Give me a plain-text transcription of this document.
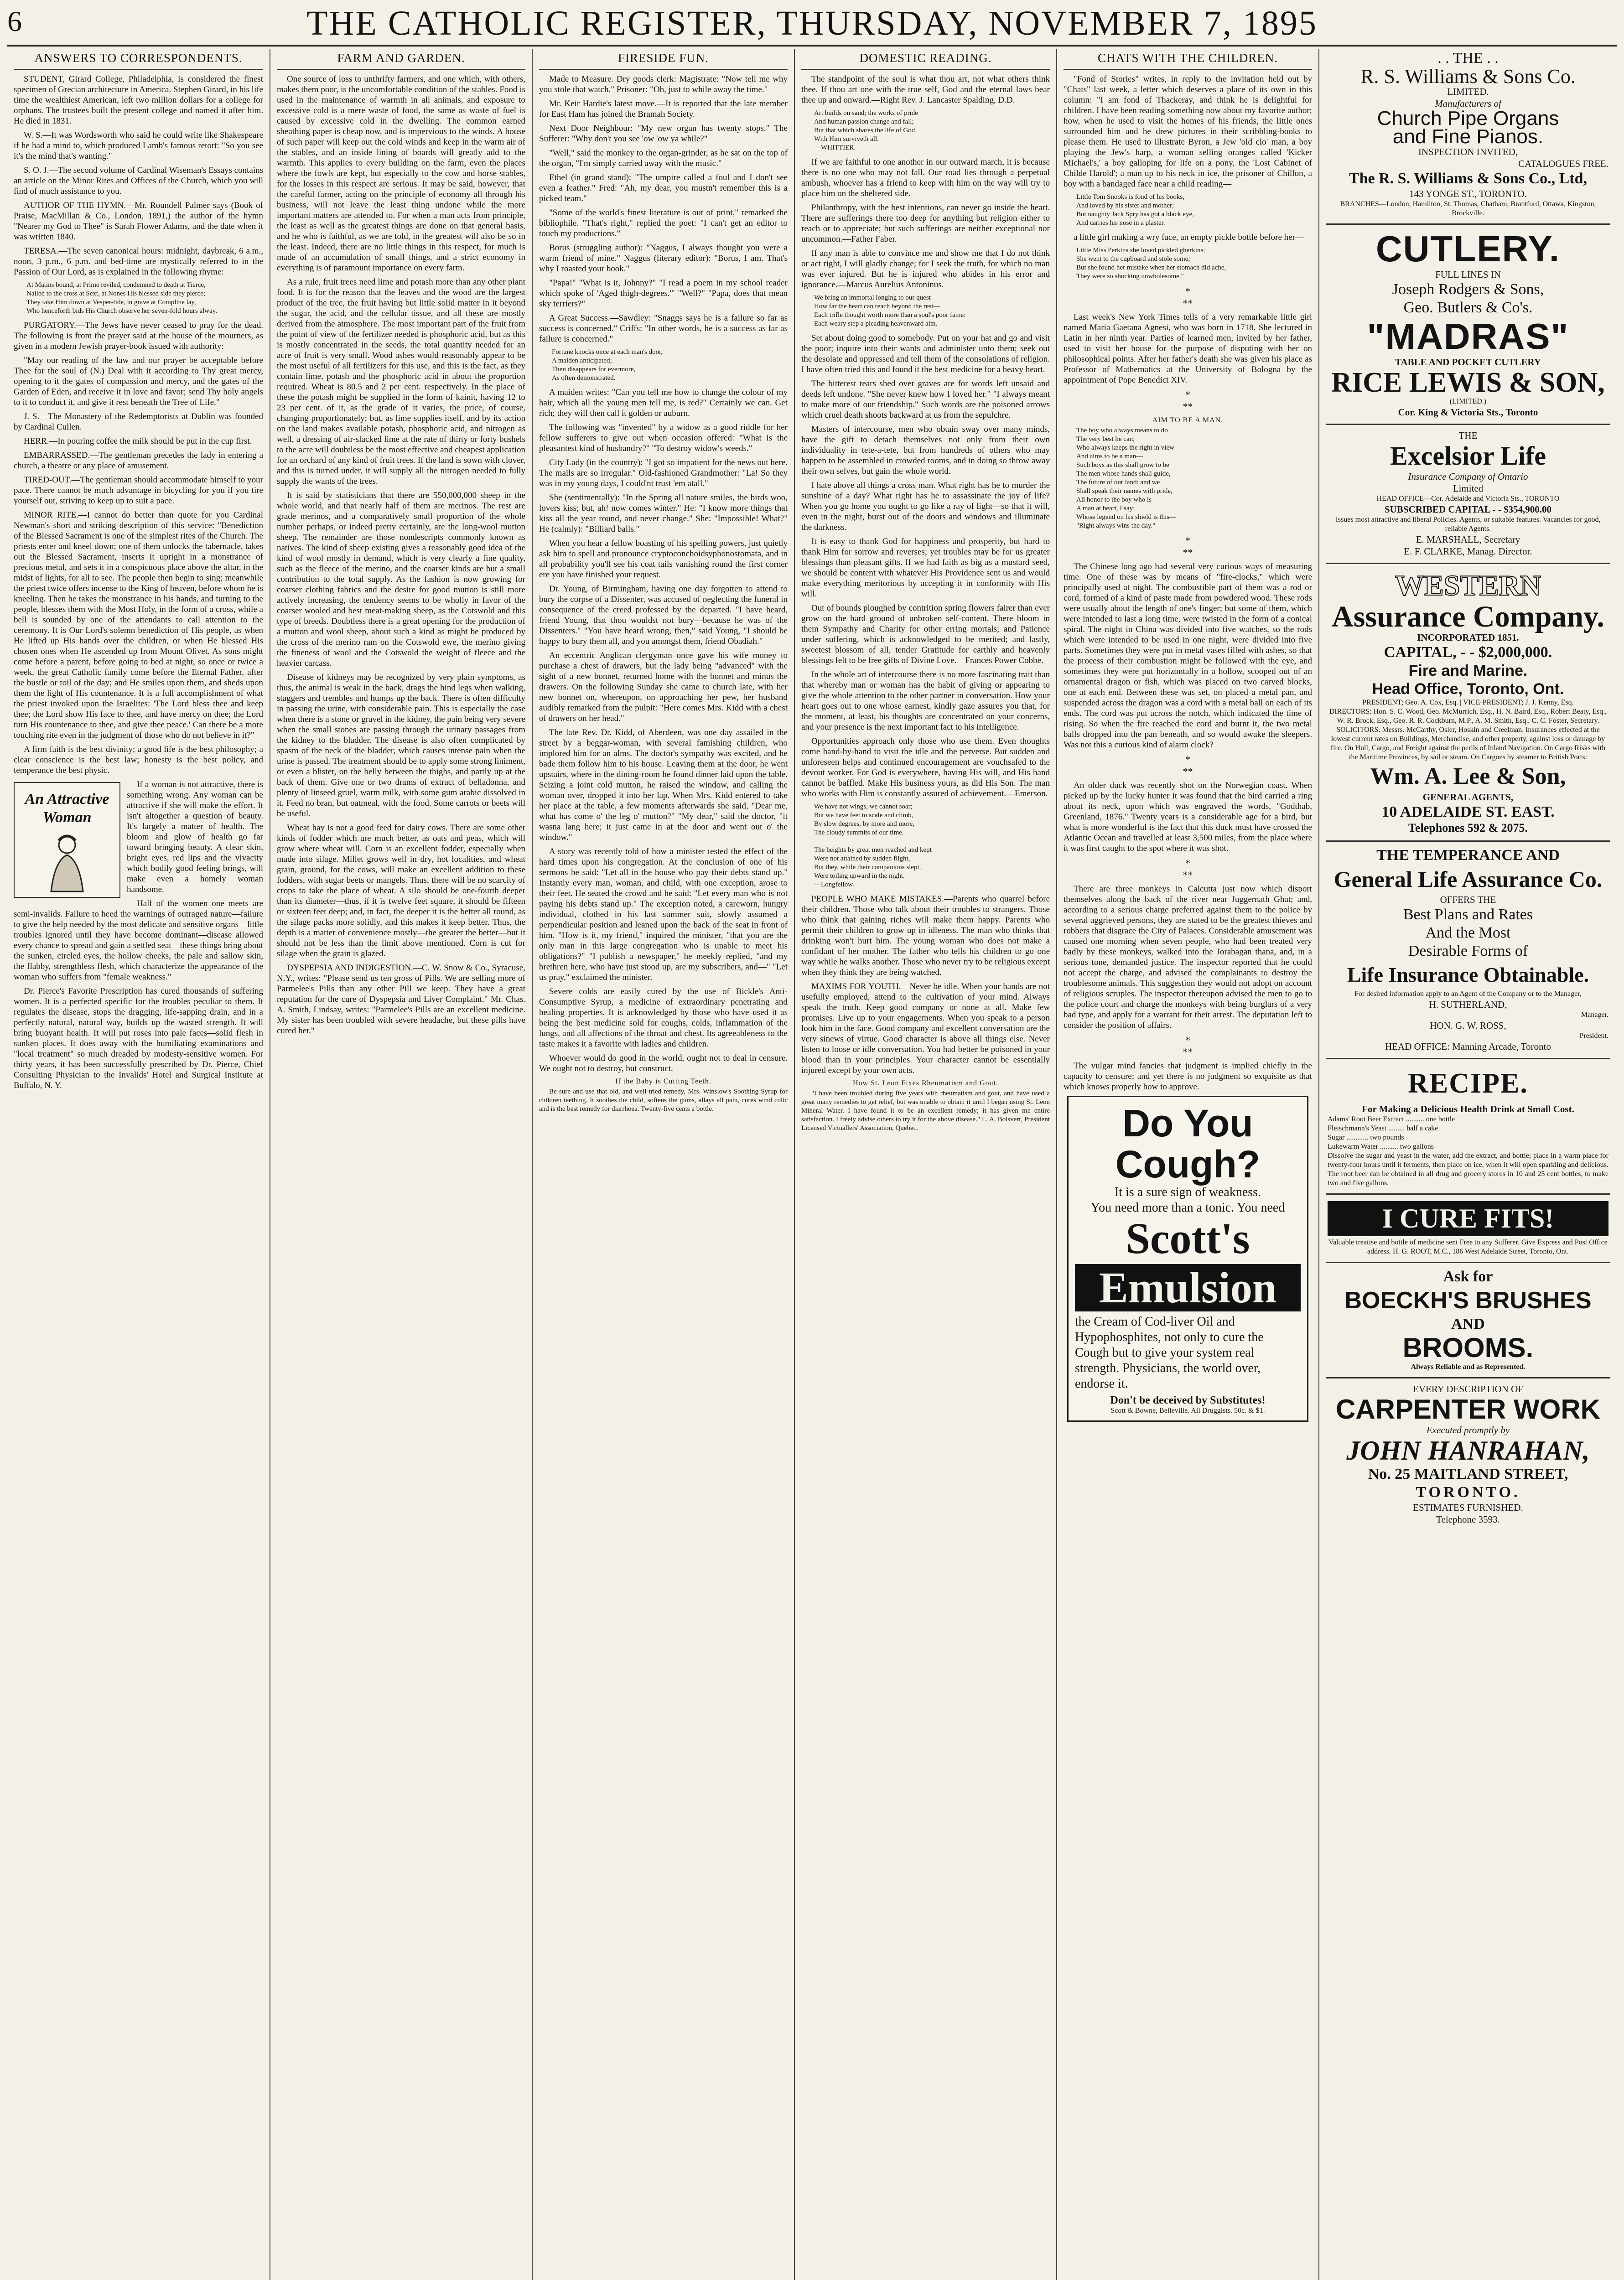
6	THE CATHOLIC REGISTER, THURSDAY, NOVEMBER 7, 1895
ANSWERS TO CORRESPONDENTS.

STUDENT, Girard College, Philadelphia, is considered the finest specimen of Grecian architecture in America. Stephen Girard, in his life time the wealthiest American, left two million dollars for a college for orphans. The trustees built the present college and named it after him. He died in 1831.

W. S.—It was Wordsworth who said he could write like Shakespeare if he had a mind to, which produced Lamb's famous retort: "So you see it's the mind that's wanting."

S. O. J.—The second volume of Cardinal Wiseman's Essays contains an article on the Minor Rites and Offices of the Church, which you will find of much assistance to you.

AUTHOR OF THE HYMN.—Mr. Roundell Palmer says (Book of Praise, MacMillan & Co., London, 1891,) the author of the hymn "Nearer my God to Thee" is Sarah Flower Adams, and the date when it was written 1840.

TERESA.—The seven canonical hours: midnight, daybreak, 6 a.m., noon, 3 p.m., 6 p.m. and bed-time are mystically referred to in the Passion of Our Lord, as is explained in the following rhyme:

At Matins bound, at Prime reviled, condemned to death at Tierce,
Nailed to the cross at Sext, at Nones His blessed side they pierce;
They take Him down at Vesper-tide, in grave at Compline lay,
Who henceforth bids His Church observe her seven-fold hours alway.

PURGATORY.—The Jews have never ceased to pray for the dead. The following is from the prayer said at the house of the mourners, as given in a modern Jewish prayer-book issued with authority:

"May our reading of the law and our prayer be acceptable before Thee for the soul of (N.) Deal with it according to Thy great mercy, opening to it the gates of compassion and mercy, and the gates of the Garden of Eden, and receive it in love and favor; send Thy holy angels to it to conduct it, and give it rest beneath the Tree of Life."

J. S.—The Monastery of the Redemptorists at Dublin was founded by Cardinal Cullen.

HERR.—In pouring coffee the milk should be put in the cup first.

EMBARRASSED.—The gentleman precedes the lady in entering a church, a theatre or any place of amusement.

TIRED-OUT.—The gentleman should accommodate himself to your pace. There cannot be much advantage in bicycling for you if you tire yourself out, striving to keep up to suit a pace.

MINOR RITE.—I cannot do better than quote for you Cardinal Newman's short and striking description of this service: "Benediction of the Blessed Sacrament is one of the simplest rites of the Church. The priests enter and kneel down; one of them unlocks the tabernacle, takes out the Blessed Sacrament, inserts it upright in a monstrance of precious metal, and sets it in a conspicuous place above the altar, in the midst of lights, for all to see. The people then begin to sing; meanwhile the priest twice offers incense to the King of heaven, before whom he is kneeling. Then he takes the monstrance in his hands, and turning to the people, blesses them with the Most Holy, in the form of a cross, while a bell is sounded by one of the attendants to call attention to the ceremony. It is Our Lord's solemn benediction of His people, as when He lifted up His hands over the children, or when He blessed His chosen ones when He ascended up from Mount Olivet. As sons might come before a parent, before going to bed at night, so once or twice a week, the great Catholic family come before the Eternal Father, after the bustle or toil of the day; and He smiles upon them, and sheds upon them the light of His countenance. It is a full accomplishment of what the priest invoked upon the Israelites: 'The Lord bless thee and keep thee; the Lord show His face to thee, and have mercy on thee; the Lord turn His countenance to thee, and give thee peace.' Can there be a more touching rite even in the judgment of those who do not believe in it?"

A firm faith is the best divinity; a good life is the best philosophy; a clear conscience is the best law; honesty is the best policy, and temperance the best physic.

An Attractive Woman

If a woman is not attractive, there is something wrong. Any woman can be attractive if she will make the effort. It isn't altogether a question of beauty. It's largely a matter of health. The bloom and glow of health go far toward bringing beauty. A clear skin, bright eyes, red lips and the vivacity which bodily good feeling brings, will make even a homely woman handsome.

Half of the women one meets are semi-invalids. Failure to heed the warnings of outraged nature—failure to give the help needed by the most delicate and sensitive organs—little troubles ignored until they have become dominant—disease allowed every chance to spread and gain a settled seat—these things bring about the sunken, circled eyes, the hollow cheeks, the pale and sallow skin, the flabby, strengthless flesh, which characterize the appearance of the woman who suffers from "female weakness."

Dr. Pierce's Favorite Prescription has cured thousands of suffering women. It is a perfected specific for the troubles peculiar to them. It regulates the disease, stops the dragging, life-sapping drain, and in a perfectly natural, natural way, builds up the wasted strength. It will bring buoyant health. It will put roses into pale faces—solid flesh in sunken places. It does away with the humiliating examinations and "local treatment" so much dreaded by modesty-sensitive women. For thirty years, it has been successfully prescribed by Dr. Pierce, Chief Consulting Physician to the Invalids' Hotel and Surgical Institute at Buffalo, N. Y.

FARM AND GARDEN.

One source of loss to unthrifty farmers, and one which, with others, makes them poor, is the uncomfortable condition of the stables. Food is used in the maintenance of warmth in all animals, and exposure to excessive cold is a mere waste of food, the same as waste of fuel is caused by excessive cold in the dwelling. The common earned sheathing paper is cheap now, and is impervious to the winds. A house of such paper will keep out the cold winds and keep in the warm air of the stables, and an inside lining of boards will greatly add to the warmth. This applies to every building on the farm, even the places where the fowls are kept, but especially to the cow and horse stables, for the losses in this respect are serious. It may be said, however, that the careful farmer, acting on the principle of economy all through his business, will not leave the least thing undone while the more important matters are attended to. For when a man acts from principle, the least as well as the greatest things are done on that general basis, and he who is faithful, as we are told, in the greatest will also be so in the least. Indeed, there are no little things in this respect, for much is made of an accumulation of small things, and a strict economy in everything is of paramount importance on every farm.

As a rule, fruit trees need lime and potash more than any other plant food. It is for the reason that the leaves and the wood are the largest product of the tree, the fruit having but little solid matter in it beyond the sugar, the acid, and the cellular tissue, and all these are mostly derived from the atmosphere. The most important part of the fruit from the point of view of the fertilizer needed is phosphoric acid, but as this is mostly concentrated in the seeds, the total quantity needed for an acre of fruit is very small. Wood ashes would reasonably appear to be the most useful of all fertilizers for this use, and this is the fact, as they contain lime, potash and the phosphoric acid in about the proportion required. Wheat is 80.5 and 2 per cent. respectively. In the place of these the potash might be supplied in the form of kainit, having 12 to 23 per cent. of it, as the grade of it varies, the price, of course, changing proportionately; but, as lime supplies itself, and by its action on the land makes available potash, phosphoric acid, and nitrogen as well, a dressing of air-slacked lime at the rate of thirty or forty bushels to the acre will doubtless be the most effective and cheapest application for an orchard of any kind of fruit trees. If the land is sown with clover, and this is turned under, it will supply all the nitrogen needed to fully supply the wants of the trees.

It is said by statisticians that there are 550,000,000 sheep in the whole world, and that nearly half of them are merinos. The rest are grade merinos, and a comparatively small proportion of the whole number perhaps, or indeed pretty certainly, are the long-wool mutton sheep. The remainder are those nondescripts commonly known as natives. The kind of sheep existing gives a reasonably good idea of the kind of wool mostly in demand, which is very clearly a fine quality, such as the fleece of the merino, and the coarser kinds are but a small contribution to the total supply. As the fashion is now growing for coarser clothing fabrics and the desire for good mutton is still more actively increasing, the tendency seems to be wholly in favor of the coarser wooled and best meat-making sheep, as the Cotswold and this type of breeds. Doubtless there is a great opening for the production of a mutton and wool sheep, about such a kind as might be produced by the cross of the merino ram on the Cotswold ewe, the merino giving the fineness of wool and the Cotswold the weight of fleece and the heavier carcass.

Disease of kidneys may be recognized by very plain symptoms, as thus, the animal is weak in the back, drags the hind legs when walking, staggers and trembles and humps up the back. There is often difficulty in passing the urine, with considerable pain. This is especially the case when there is a stone or gravel in the kidney, the pain being very severe when the small stones are passing through the urinary passages from the kidney to the bladder. The disease is also often complicated by spasm of the neck of the bladder, which causes intense pain when the urine is passed. The treatment should be to apply some strong liniment, or even a blister, on the belly between the thighs, and partly up at the back of them. Give one or two drams of extract of belladonna, and plenty of linseed gruel, warm milk, with some gum arabic dissolved in it. Feed no bran, but oatmeal, with the food. Some carrots or beets will be useful.

Wheat hay is not a good feed for dairy cows. There are some other kinds of fodder which are much better, as oats and peas, which will grow where wheat will. Corn is an excellent fodder, especially when made into silage. Millet grows well in dry, hot localities, and wheat grain, ground, for the cows, will make an excellent addition to these fodders, with sugar beets or mangels. Thus, there will be no scarcity of crops to take the place of wheat. A silo should be one-fourth deeper than its diameter—thus, if it is twelve feet square, it should be fifteen or sixteen feet deep; and, in fact, the deeper it is the better all round, as the silage packs more solidly, and this makes it keep better. Thus, the depth is a matter of convenience mostly—the greater the better—but it should not be less than the limit above mentioned. Corn is cut for silage when the grain is glazed.

DYSPEPSIA AND INDIGESTION.—C. W. Snow & Co., Syracuse, N.Y., writes: "Please send us ten gross of Pills. We are selling more of Parmelee's Pills than any other Pill we keep. They have a great reputation for the cure of Dyspepsia and Liver Complaint." Mr. Chas. A. Smith, Lindsay, writes: "Parmelee's Pills are an excellent medicine. My sister has been troubled with severe headache, but these pills have cured her."

FIRESIDE FUN.

Made to Measure. Dry goods clerk: Magistrate: "Now tell me why you stole that watch." Prisoner: "Oh, just to while away the time."

Mr. Keir Hardie's latest move.—It is reported that the late member for East Ham has joined the Bramah Society.

Next Door Neighbour: "My new organ has twenty stops." The Sufferer: "Why don't you see 'ow 'ow ya while?"

"Well," said the monkey to the organ-grinder, as he sat on the top of the organ, "I'm simply carried away with the music."

Ethel (in grand stand): "The umpire called a foul and I don't see even a feather." Fred: "Ah, my dear, you mustn't remember this is a picked team."

"Some of the world's finest literature is out of print," remarked the bibliophile. "That's right," replied the poet: "I can't get an editor to touch my productions."

Borus (struggling author): "Naggus, I always thought you were a warm friend of mine." Naggus (literary editor): "Borus, I am. That's why I roasted your book."

"Papa!" "What is it, Johnny?" "I read a poem in my school reader which spoke of 'Aged thigh-degrees.'" "Well?" "Papa, does that mean sky terriers?"

A Great Success.—Sawdley: "Snaggs says he is a failure so far as success is concerned." Criffs: "In other words, he is a success as far as failure is concerned."

Fortune knocks once at each man's door,
A maiden anticipated;
Then disappears for evermore,
As often demonstrated.

A maiden writes: "Can you tell me how to change the colour of my hair, which all the young men tell me, is red?" Certainly we can. Get rich; they will then call it golden or auburn.

The following was "invented" by a widow as a good riddle for her fellow sufferers to give out when occasion offered: "What is the pleasantest kind of husbandry?" "To destroy widow's weeds."

City Lady (in the country): "I got so impatient for the news out here. The mails are so irregular." Old-fashioned Grandmother: "La! So they was in my young days, I could'nt trust 'em atall."

She (sentimentally): "In the Spring all nature smiles, the birds woo, lovers kiss; but, ah! now comes winter." He: "I know more things that kiss all the year round, and never change." She: "Impossible! What?" He (calmly): "Billiard balls."

When you hear a fellow boasting of his spelling powers, just quietly ask him to spell and pronounce cryptoconchoidsyphonostomata, and in all probability you'll see his coat tails vanishing round the first corner ere you have finished your request.

Dr. Young, of Birmingham, having one day forgotten to attend to bury the corpse of a Dissenter, was accused of neglecting the funeral in consequence of the creed professed by the departed. "I have heard, friend Young, that thou wouldst not bury—because he was of the Dissenters." "You have heard wrong, then," said Young, "I should be happy to bury them all, and you amongst them, friend Obadiah."

An eccentric Anglican clergyman once gave his wife money to purchase a chest of drawers, but the lady being "advanced" with the sight of a new bonnet, returned home with the bonnet and minus the drawers. On the following Sunday she came to church late, with her new bonnet on, whereupon, on approaching her pew, her husband audibly remarked from the pulpit: "Here comes Mrs. Kidd with a chest of drawers on her head."

The late Rev. Dr. Kidd, of Aberdeen, was one day assailed in the street by a beggar-woman, with several famishing children, who implored him for an alms. The doctor's sympathy was excited, and he bade them follow him to his house. Leaving them at the door, he went upstairs, where in the dining-room he found dinner laid upon the table. Seizing a joint cold mutton, he raised the window, and calling the woman over, dropped it into her lap. When Mrs. Kidd entered to take her place at the table, a few moments afterwards she said, "Dear me, what has come o' the leg o' mutton?" "My dear," said the doctor, "it wasna lang here; it just came in at the door and went out o' the window."

A story was recently told of how a minister tested the effect of the hard times upon his congregation. At the conclusion of one of his sermons he said: "Let all in the house who pay their debts stand up." Instantly every man, woman, and child, with one exception, arose to their feet. He seated the crowd and he said: "Let every man who is not paying his debts stand up." The exception noted, a careworn, hungry individual, clothed in his last summer suit, slowly assumed a perpendicular position and leaned upon the back of the seat in front of him. "How is it, my friend," inquired the minister, "that you are the only man in this large congregation who is unable to meet his obligations?" "I publish a newspaper," he meekly replied, "and my brethren here, who have just stood up, are my subscribers, and—" "Let us pray," exclaimed the minister.

Severe colds are easily cured by the use of Bickle's Anti-Consumptive Syrup, a medicine of extraordinary penetrating and healing properties. It is acknowledged by those who have used it as being the best medicine sold for coughs, colds, inflammation of the lungs, and all affections of the throat and chest. Its agreeableness to the taste makes it a favorite with ladies and children.

Whoever would do good in the world, ought not to deal in censure. We ought not to destroy, but construct.

If the Baby is Cutting Teeth.

Be sure and use that old, and well-tried remedy, Mrs. Winslow's Soothing Syrup for children teething. It soothes the child, softens the gums, allays all pain, cures wind colic and is the best remedy for diarrhoea. Twenty-five cents a bottle.

DOMESTIC READING.

The standpoint of the soul is what thou art, not what others think thee. If thou art one with the true self, God and the eternal laws bear thee up and onward.—Right Rev. J. Lancaster Spalding, D.D.

Art builds on sand; the works of pride
And human passion change and fall;
But that which shares the life of God
With Him surviveth all.
—WHITTIER.

If we are faithful to one another in our outward march, it is because there is no one who may not fall. Our road lies through a perpetual ambush, whoever has a friend to keep with him on the way will try to place him on the sheltered side.

Philanthropy, with the best intentions, can never go inside the heart. There are sufferings there too deep for anything but religion either to reach or to appreciate; but such sufferings are neither exceptional nor uncommon.—Father Faber.

If any man is able to convince me and show me that I do not think or act right, I will gladly change; for I seek the truth, for which no man was ever injured. But he is injured who abides in his error and ignorance.—Marcus Aurelius Antoninus.

We bring an immortal longing to our quest
How far the heart can reach beyond the rest—
Each trifle thought worth more than a soul's poor fame:
Each weary step a pleading heavenward aim.

Set about doing good to somebody. Put on your hat and go and visit the poor; inquire into their wants and administer unto them; seek out the desolate and oppressed and tell them of the consolations of religion. I have often tried this and found it the best medicine for a heavy heart.

The bitterest tears shed over graves are for words left unsaid and deeds left undone. "She never knew how I loved her." "I always meant to make more of our friendship." Such words are the poisoned arrows which cruel death shoots backward at us from the sepulchre.

Masters of intercourse, men who obtain sway over many minds, have the gift to detach themselves not only from their own individuality in tete-a-tete, but from hundreds of others who may happen to be assembled in crowded rooms, and in doing so throw away their own selves, but gain the whole world.

I hate above all things a cross man. What right has he to murder the sunshine of a day? What right has he to assassinate the joy of life? When you go home you ought to go like a ray of light—so that it will, even in the night, burst out of the doors and windows and illuminate the darkness.

It is easy to thank God for happiness and prosperity, but hard to thank Him for sorrow and reverses; yet troubles may be for us greater blessings than pleasant gifts. If we had faith as big as a mustard seed, we should be content with whatever His Providence sent us and would make everything meritorious by accepting it in conformity with His will.

Out of bounds ploughed by contrition spring flowers fairer than ever grow on the hard ground of unbroken self-content. There bloom in them Sympathy and Charity for other erring mortals; and Patience under suffering, which is acknowledged to be merited; and lastly, sweetest blossom of all, tender Gratitude for earthly and heavenly blessings felt to be free gifts of Divine Love.—Frances Power Cobbe.

In the whole art of intercourse there is no more fascinating trait than that whereby man or woman has the habit of giving or appearing to give the whole attention to the other partner in conversation. How your heart goes out to one whose earnest, kindly gaze assures you that, for the moment, at least, his thoughts are concentrated on your concerns, and your presence is the next important fact to his intelligence.

Opportunities approach only those who use them. Even thoughts come hand-by-hand to visit the idle and the perverse. But sudden and unforeseen helps and continued encouragement are vouchsafed to the devout worker. For God is everywhere, having His will, and His hand cannot be baffled. Make His business yours, as did His Son. The man who works with Him is constantly assured of achievement.—Emerson.

We have not wings, we cannot soar;
But we have feet to scale and climb,
By slow degrees, by more and more,
The cloudy summits of our time.

The heights by great men reached and kept
Were not attained by sudden flight,
But they, while their companions slept,
Were toiling upward in the night.
—Longfellow.

PEOPLE WHO MAKE MISTAKES.—Parents who quarrel before their children. Those who talk about their troubles to strangers. Those who think that gaining riches will make them happy. Parents who permit their children to grow up in idleness. The man who thinks that drinking won't hurt him. The young woman who does not make a confidant of her mother. The father who tells his children to go one way while he walks another. Those who never try to be religious except when they think they are being watched.

MAXIMS FOR YOUTH.—Never be idle. When your hands are not usefully employed, attend to the cultivation of your mind. Always speak the truth. Keep good company or none at all. Make few promises. Live up to your engagements. When you speak to a person look him in the face. Good company and excellent conversation are the very sinews of virtue. Good character is above all things else. Never listen to loose or idle conversation. You had better be poisoned in your blood than in your principles. Your character cannot be essentially injured except by your own acts.

How St. Leon Fixes Rheumatism and Gout.

"I have been troubled during five years with rheumatism and gout, and have used a great many remedies to get relief, but was unable to obtain it until I began using St. Leon Mineral Water. I have found it to be an excellent remedy; it has given me entire satisfaction. I freely advise others to try it for the above disease." L. A. Boisvert, President Licensed Victuallers' Association, Quebec.

CHATS WITH THE CHILDREN.

"Fond of Stories" writes, in reply to the invitation held out by "Chats" last week, a letter which deserves a place of its own in this column: "I am fond of Thackeray, and think he is delightful for children. I have been reading something now about my favorite author; how, when he used to visit the homes of his friends, the little ones surrounded him and he drew pictures in their scribbling-books to please them. He used to illustrate Byron, a Jew 'old clo' man, a boy playing the Jew's harp, a woman selling oranges called 'Kicker Michael's,' a boy galloping for life on a pony, the 'Lost Cabinet of Childe Harold'; a man up to his neck in ice, the prisoner of Chillon, a boy with a bandaged face near a child reading—

Little Tom Snooks is fond of his books,
And loved by his sister and mother;
But naughty Jack Spry has got a black eye,
And carries his nose in a plaster.

a little girl making a wry face, an empty pickle bottle before her—

Little Miss Perkins she loved pickled gherkins;
She went to the cupboard and stole some;
But she found her mistake when her stomach did ache,
They were so shocking unwholesome."
*
**

Last week's New York Times tells of a very remarkable little girl named Maria Gaetana Agnesi, who was born in 1718. She lectured in Latin in her ninth year. Parties of learned men, invited by her father, used to visit her house for the purpose of disputing with her on philosophical points. After her father's death she was given his place as Professor of Mathematics at the University of Bologna by the appointment of Pope Benedict XIV.

*
**
AIM TO BE A MAN.
The boy who always means to do
The very best he can;
Who always keeps the right in view
And aims to be a man—
Such boys as this shall grow to be
The men whose hands shall guide,
The future of our land: and we
Shall speak their names with pride,
All honor to the boy who is
A man at heart, I say;
Whose legend on his shield is this—
"Right always wins the day."
*
**

The Chinese long ago had several very curious ways of measuring time. One of these was by means of "fire-clocks," which were principally used at night. The combustible part of them was a rod or cord, formed of a kind of paste made from powdered wood. These rods were usually about the length of one's finger; but some of them, which were intended to last a long time, were twisted in the form of a conical spiral. The night in China was divided into five watches, so the rods which were intended to be used in one night, were divided into five parts. Sometimes they were put in metal vases filled with ashes, so that the process of their combustion might be followed with the eye, and sometimes they were put horizontally in a hollow, scooped out of an ornamental dragon or fish, which was placed on two carved blocks, one at each end. Between these was set, on placed a metal pan, and suspended across the dragon was a cord with a metal ball on each of its ends. The cord was put across the notch, which indicated the time of rising. So when the fire reached the cord and burnt it, the two metal balls dropped into the pan beneath, and so would awake the sleepers. Was not this a curious kind of alarm clock?

*
**

An older duck was recently shot on the Norwegian coast. When picked up by the lucky hunter it was found that the bird carried a ring about its neck, upon which was engraved the words, "Godthab, Greenland, 1876." Twenty years is a considerable age for a bird, but what is more wonderful is the fact that this duck must have crossed the Atlantic Ocean and travelled at least 3,500 miles, from the place where it was first caught to the spot where it was shot.

*
**

There are three monkeys in Calcutta just now which disport themselves along the back of the river near Juggernath Ghat; and, according to a serious charge preferred against them to the police by several aggrieved persons, they are stated to be the greatest thieves and robbers that disgrace the City of Palaces. Considerable amusement was caused one morning when seven people, who had been treated very badly by these monkeys, walked into the Jorabagan thana, and, in a serious tone, demanded justice. The inspector reported that he could not accept the charge, and advised the complainants to destroy the troublesome animals. This suggestion they would not adopt on account of religious scruples. The inspector thereupon advised the men to go to the police court and charge the monkeys with being burglars of a very bad type, and apply for a warrant for their arrest. The deputation left to consider the position of affairs.

*
**

The vulgar mind fancies that judgment is implied chiefly in the capacity to censure; and yet there is no judgment so exquisite as that which knows properly how to approve.

Do You Cough?
It is a sure sign of weakness.
You need more than a tonic. You need
Scott's
Emulsion
the Cream of Cod-liver Oil and Hypophosphites, not only to cure the Cough but to give your system real strength. Physicians, the world over, endorse it.
Don't be deceived by Substitutes!
Scott & Bowne, Belleville. All Druggists. 50c. & $1.
. . THE . .
R. S. Williams & Sons Co.
LIMITED.
Manufacturers of
Church Pipe Organs
and Fine Pianos.
INSPECTION INVITED,
CATALOGUES FREE.
The R. S. Williams & Sons Co., Ltd,
143 YONGE ST., TORONTO.
BRANCHES—London, Hamilton, St. Thomas, Chatham, Brantford, Ottawa, Kingston, Brockville.
CUTLERY.
FULL LINES IN
Joseph Rodgers & Sons,
Geo. Butlers & Co's.
"MADRAS"
TABLE AND POCKET CUTLERY
RICE LEWIS & SON,
(LIMITED.)
Cor. King & Victoria Sts., Toronto
THE
Excelsior Life
Insurance Company of Ontario
Limited
HEAD OFFICE—Cor. Adelaide and Victoria Sts., TORONTO
SUBSCRIBED CAPITAL - - $354,900.00
Issues most attractive and liberal Policies. Agents, or suitable features. Vacancies for good, reliable Agents.
E. MARSHALL, Secretary
E. F. CLARKE, Manag. Director.
WESTERN
Assurance Company.
INCORPORATED 1851.
CAPITAL, - - $2,000,000.
Fire and Marine.
Head Office, Toronto, Ont.
PRESIDENT; Geo. A. Cox, Esq. | VICE-PRESIDENT; J. J. Kenny, Esq.
DIRECTORS: Hon. S. C. Wood, Geo. McMurrich, Esq., H. N. Baird, Esq., Robert Beaty, Esq., W. R. Brock, Esq., Geo. R. R. Cockburn, M.P., A. M. Smith, Esq., C. C. Foster, Secretary.
SOLICITORS. Messrs. McCarthy, Osler, Hoskin and Creelman. Insurances effected at the lowest current rates on Buildings, Merchandise, and other property, against loss or damage by fire. On Hull, Cargo, and Freight against the perils of Inland Navigation. On Cargo Risks with the Maritime Provinces, by sail or steam. On Cargoes by steamer to British Ports:
Wm. A. Lee & Son,
GENERAL AGENTS,
10 ADELAIDE ST. EAST.
Telephones 592 & 2075.
THE TEMPERANCE AND
General Life Assurance Co.
OFFERS THE
Best Plans and Rates
And the Most
Desirable Forms of
Life Insurance Obtainable.
For desired information apply to an Agent of the Company or to the Manager,
H. SUTHERLAND,
Manager.
HON. G. W. ROSS,
President.
HEAD OFFICE: Manning Arcade, Toronto
RECIPE.
For Making a Delicious Health Drink at Small Cost.
Adams' Root Beer Extract .......... one bottle
Fleischmann's Yeast ......... half a cake
Sugar ............ two pounds
Lukewarm Water .......... two gallons
Dissolve the sugar and yeast in the water, add the extract, and bottle; place in a warm place for twenty-four hours until it ferments, then place on ice, when it will open sparkling and delicious. The root beer can be obtained in all drug and grocery stores in 10 and 25 cent bottles, to make two and five gallons.
I CURE FITS!
Valuable treatise and bottle of medicine sent Free to any Sufferer. Give Express and Post Office address. H. G. ROOT, M.C., 186 West Adelaide Street, Toronto, Ont.
Ask for
BOECKH'S BRUSHES
AND
BROOMS.
Always Reliable and as Represented.
EVERY DESCRIPTION OF
CARPENTER WORK
Executed promptly by
JOHN HANRAHAN,
No. 25 MAITLAND STREET,
TORONTO.
ESTIMATES FURNISHED.
Telephone 3593.
